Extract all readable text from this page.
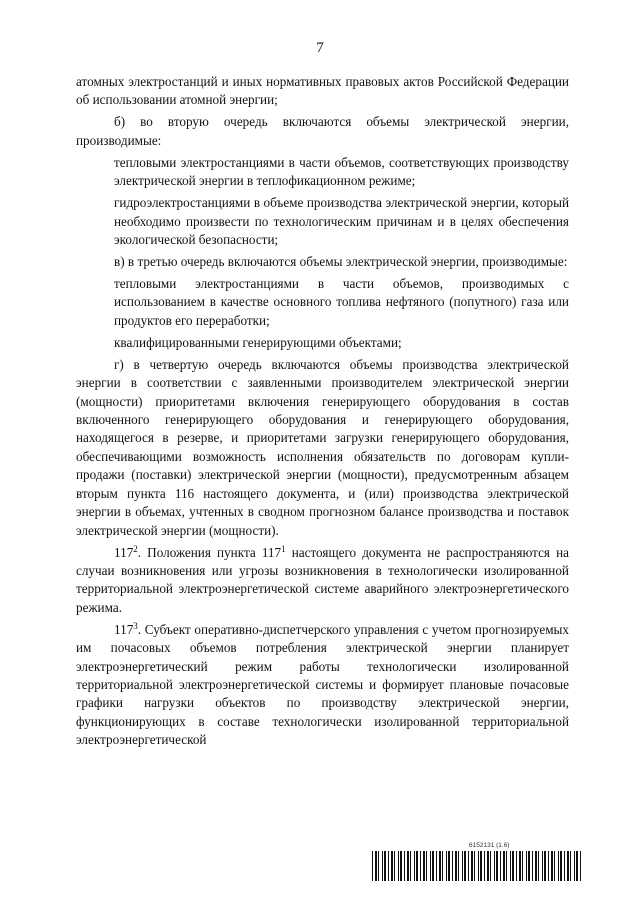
7

атомных электростанций и иных нормативных правовых актов Российской Федерации об использовании атомной энергии;

б) во вторую очередь включаются объемы электрической энергии, производимые:

тепловыми электростанциями в части объемов, соответствующих производству электрической энергии в теплофикационном режиме;

гидроэлектростанциями в объеме производства электрической энергии, который необходимо произвести по технологическим причинам и в целях обеспечения экологической безопасности;

в) в третью очередь включаются объемы электрической энергии, производимые:

тепловыми электростанциями в части объемов, производимых с использованием в качестве основного топлива нефтяного (попутного) газа или продуктов его переработки;

квалифицированными генерирующими объектами;

г) в четвертую очередь включаются объемы производства электрической энергии в соответствии с заявленными производителем электрической энергии (мощности) приоритетами включения генерирующего оборудования в состав включенного генерирующего оборудования и генерирующего оборудования, находящегося в резерве, и приоритетами загрузки генерирующего оборудования, обеспечивающими возможность исполнения обязательств по договорам купли-продажи (поставки) электрической энергии (мощности), предусмотренным абзацем вторым пункта 116 настоящего документа, и (или) производства электрической энергии в объемах, учтенных в сводном прогнозном балансе производства и поставок электрической энергии (мощности).

$117^2$. Положения пункта $117^1$ настоящего документа не распространяются на случаи возникновения или угрозы возникновения в технологически изолированной территориальной электроэнергетической системе аварийного электроэнергетического режима.

$117^3$. Субъект оперативно-диспетчерского управления с учетом прогнозируемых им почасовых объемов потребления электрической энергии планирует электроэнергетический режим работы технологически изолированной территориальной электроэнергетической системы и формирует плановые почасовые графики нагрузки объектов по производству электрической энергии, функционирующих в составе технологически изолированной территориальной электроэнергетической

6152131 (1.6)
